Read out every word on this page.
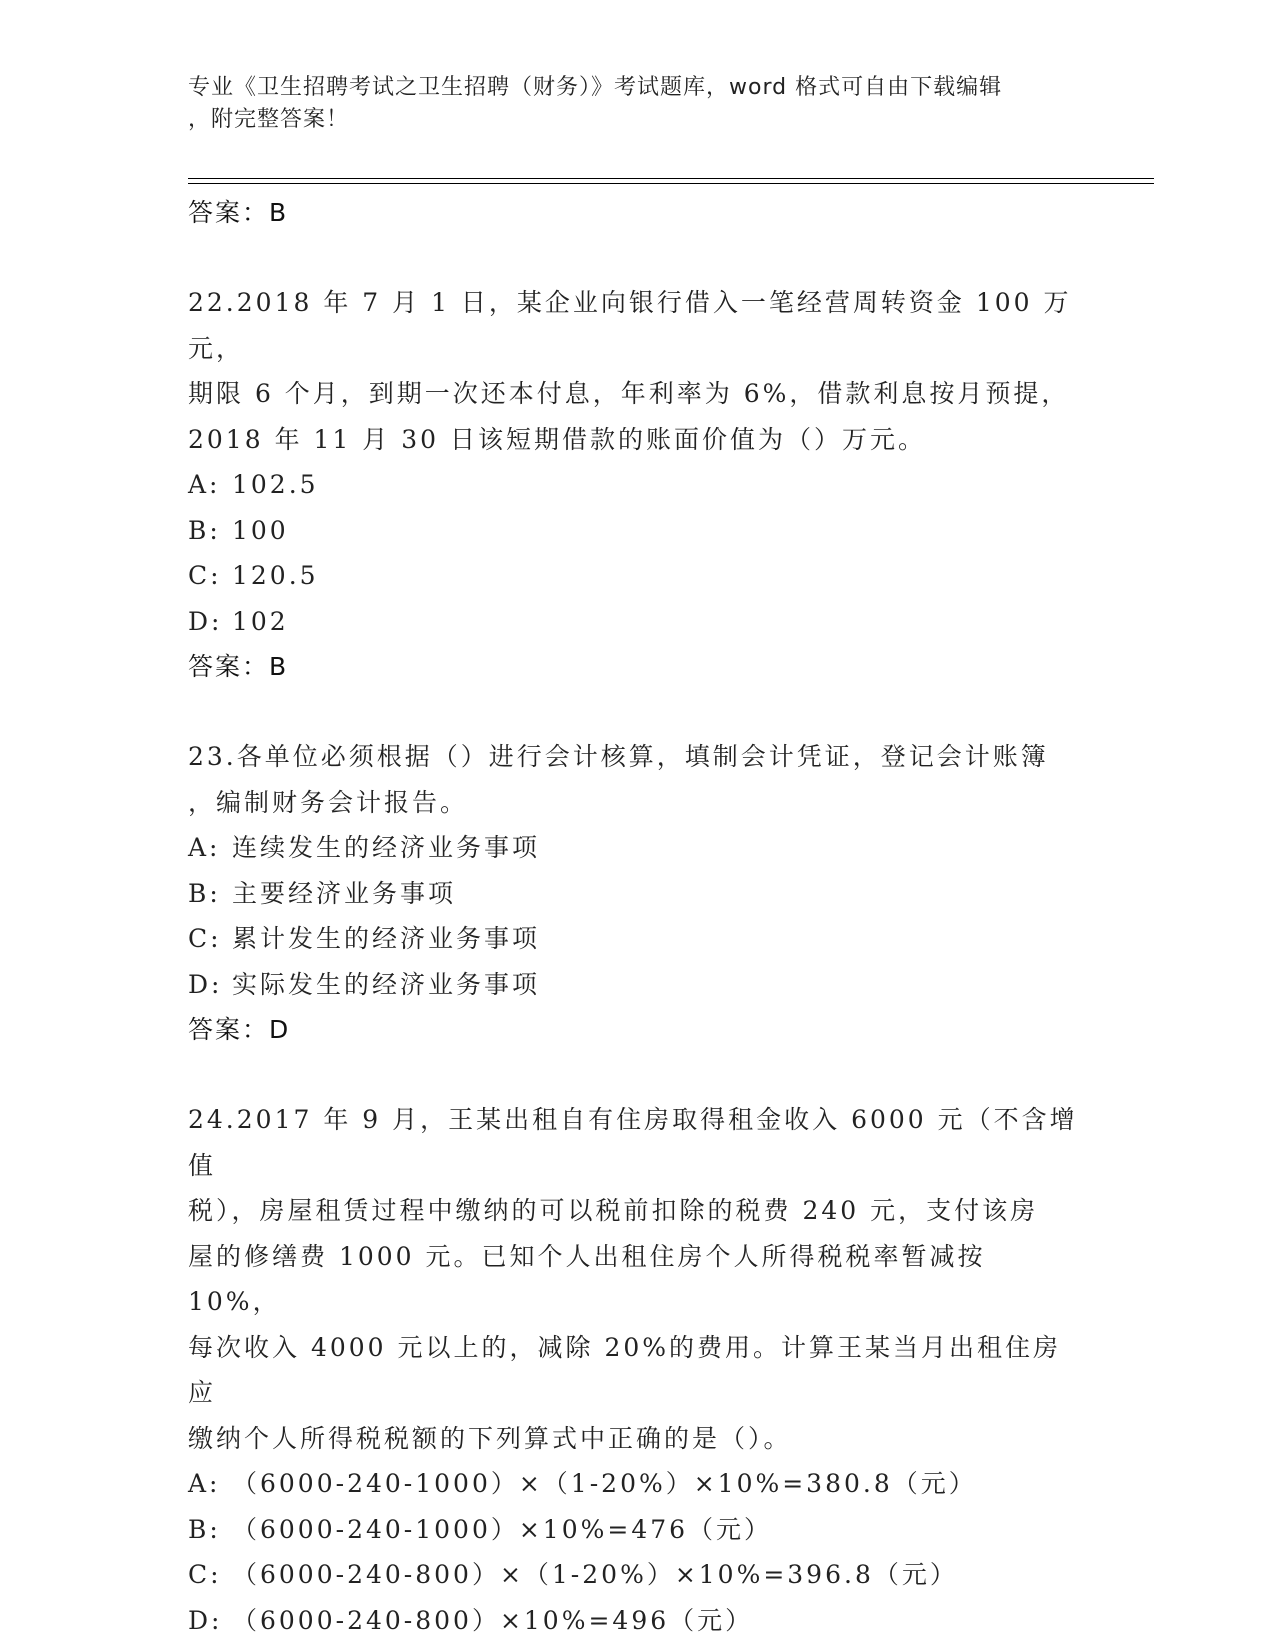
专业《卫生招聘考试之卫生招聘（财务）》考试题库，word 格式可自由下载编辑
，附完整答案！
答案：B
22.2018 年 7 月 1 日，某企业向银行借入一笔经营周转资金 100 万元，
期限 6 个月，到期一次还本付息，年利率为 6%，借款利息按月预提，
2018 年 11 月 30 日该短期借款的账面价值为（）万元。
A: 102.5
B: 100
C: 120.5
D: 102
答案：B
23.各单位必须根据（）进行会计核算，填制会计凭证，登记会计账簿
，编制财务会计报告。
A: 连续发生的经济业务事项
B: 主要经济业务事项
C: 累计发生的经济业务事项
D: 实际发生的经济业务事项
答案：D
24.2017 年 9 月，王某出租自有住房取得租金收入 6000 元（不含增值
税），房屋租赁过程中缴纳的可以税前扣除的税费 240 元，支付该房
屋的修缮费 1000 元。已知个人出租住房个人所得税税率暂减按 10%，
每次收入 4000 元以上的，减除 20%的费用。计算王某当月出租住房应
缴纳个人所得税税额的下列算式中正确的是（）。
A: （6000-240-1000）×（1-20%）×10%=380.8（元）
B: （6000-240-1000）×10%=476（元）
C: （6000-240-800）×（1-20%）×10%=396.8（元）
D: （6000-240-800）×10%=496（元）
